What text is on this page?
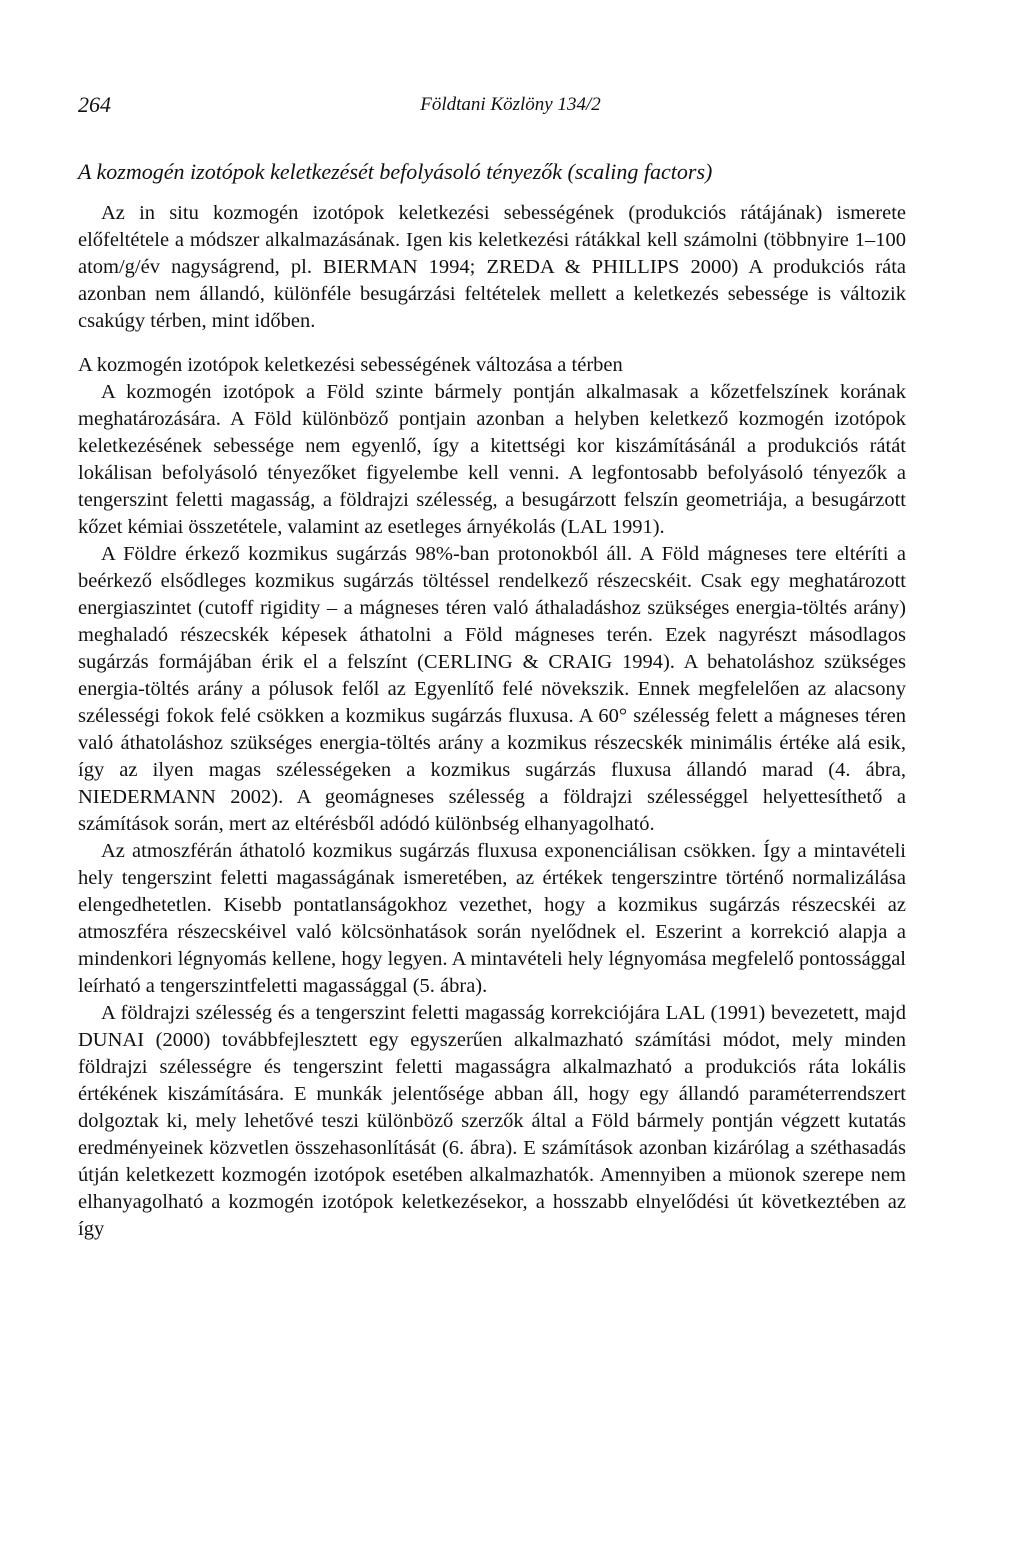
264	Földtani Közlöny 134/2
A kozmogén izotópok keletkezését befolyásoló tényezők (scaling factors)

Az in situ kozmogén izotópok keletkezési sebességének (produkciós rátájának) ismerete előfeltétele a módszer alkalmazásának. Igen kis keletkezési rátákkal kell számolni (többnyire 1–100 atom/g/év nagyságrend, pl. BIERMAN 1994; ZREDA & PHILLIPS 2000) A produkciós ráta azonban nem állandó, különféle besugárzási feltételek mellett a keletkezés sebessége is változik csakúgy térben, mint időben.

A kozmogén izotópok keletkezési sebességének változása a térben

A kozmogén izotópok a Föld szinte bármely pontján alkalmasak a kőzetfelszínek korának meghatározására. A Föld különböző pontjain azonban a helyben keletkező kozmogén izotópok keletkezésének sebessége nem egyenlő, így a kitettségi kor kiszámításánál a produkciós rátát lokálisan befolyásoló tényezőket figyelembe kell venni. A legfontosabb befolyásoló tényezők a tengerszint feletti magasság, a földrajzi szélesség, a besugárzott felszín geometriája, a besugárzott kőzet kémiai összetétele, valamint az esetleges árnyékolás (LAL 1991).

A Földre érkező kozmikus sugárzás 98%-ban protonokból áll. A Föld mágneses tere eltéríti a beérkező elsődleges kozmikus sugárzás töltéssel rendelkező részecskéit. Csak egy meghatározott energiaszintet (cutoff rigidity – a mágneses téren való áthaladáshoz szükséges energia-töltés arány) meghaladó részecskék képesek áthatolni a Föld mágneses terén. Ezek nagyrészt másodlagos sugárzás formájában érik el a felszínt (CERLING & CRAIG 1994). A behatoláshoz szükséges energia-töltés arány a pólusok felől az Egyenlítő felé növekszik. Ennek megfelelően az alacsony szélességi fokok felé csökken a kozmikus sugárzás fluxusa. A 60° szélesség felett a mágneses téren való áthatoláshoz szükséges energia-töltés arány a kozmikus részecskék minimális értéke alá esik, így az ilyen magas szélességeken a kozmikus sugárzás fluxusa állandó marad (4. ábra, NIEDERMANN 2002). A geomágneses szélesség a földrajzi szélességgel helyettesíthető a számítások során, mert az eltérésből adódó különbség elhanyagolható.

Az atmoszférán áthatoló kozmikus sugárzás fluxusa exponenciálisan csökken. Így a mintavételi hely tengerszint feletti magasságának ismeretében, az értékek tengerszintre történő normalizálása elengedhetetlen. Kisebb pontatlanságokhoz vezethet, hogy a kozmikus sugárzás részecskéi az atmoszféra részecskéivel való kölcsönhatások során nyelődnek el. Eszerint a korrekció alapja a mindenkori légnyomás kellene, hogy legyen. A mintavételi hely légnyomása megfelelő pontossággal leírható a tengerszintfeletti magassággal (5. ábra).

A földrajzi szélesség és a tengerszint feletti magasság korrekciójára LAL (1991) bevezetett, majd DUNAI (2000) továbbfejlesztett egy egyszerűen alkalmazható számítási módot, mely minden földrajzi szélességre és tengerszint feletti magasságra alkalmazható a produkciós ráta lokális értékének kiszámítására. E munkák jelentősége abban áll, hogy egy állandó paraméterrendszert dolgoztak ki, mely lehetővé teszi különböző szerzők által a Föld bármely pontján végzett kutatás eredményeinek közvetlen összehasonlítását (6. ábra). E számítások azonban kizárólag a széthasadás útján keletkezett kozmogén izotópok esetében alkalmazhatók. Amennyiben a müonok szerepe nem elhanyagolható a kozmogén izotópok keletkezésekor, a hosszabb elnyelődési út következtében az így
